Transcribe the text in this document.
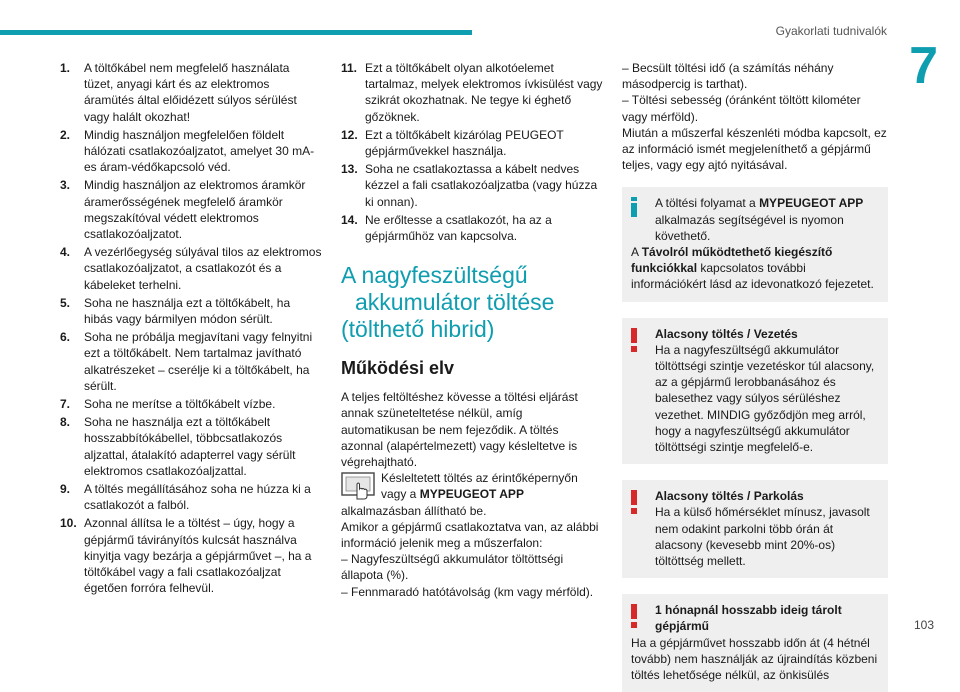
Gyakorlati tudnivalók
7
1. A töltőkábel nem megfelelő használata tüzet, anyagi kárt és az elektromos áramütés által előidézett súlyos sérülést vagy halált okozhat!
2. Mindig használjon megfelelően földelt hálózati csatlakozóaljzatot, amelyet 30 mA-es áram-védőkapcsoló véd.
3. Mindig használjon az elektromos áramkör áramerősségének megfelelő áramkör megszakítóval védett elektromos csatlakozóaljzatot.
4. A vezérlőegység súlyával tilos az elektromos csatlakozóaljzatot, a csatlakozót és a kábeleket terhelni.
5. Soha ne használja ezt a töltőkábelt, ha hibás vagy bármilyen módon sérült.
6. Soha ne próbálja megjavítani vagy felnyitni ezt a töltőkábelt. Nem tartalmaz javítható alkatrészeket – cserélje ki a töltőkábelt, ha sérült.
7. Soha ne merítse a töltőkábelt vízbe.
8. Soha ne használja ezt a töltőkábelt hosszabbítókábellel, többcsatlakozós aljzattal, átalakító adapterrel vagy sérült elektromos csatlakozóaljzattal.
9. A töltés megállításához soha ne húzza ki a csatlakozót a falból.
10. Azonnal állítsa le a töltést – úgy, hogy a gépjármű távirányítós kulcsát használva kinyitja vagy bezárja a gépjárművet –, ha a töltőkábel vagy a fali csatlakozóaljzat égetően forróra felhevül.
11. Ezt a töltőkábelt olyan alkotóelemet tartalmaz, melyek elektromos ívkisülést vagy szikrát okozhatnak. Ne tegye ki éghető gőzöknek.
12. Ezt a töltőkábelt kizárólag PEUGEOT gépjárművekkel használja.
13. Soha ne csatlakoztassa a kábelt nedves kézzel a fali csatlakozóaljzatba (vagy húzza ki onnan).
14. Ne erőltesse a csatlakozót, ha az a gépjárműhöz van kapcsolva.
A nagyfeszültségű
akkumulátor töltése
(tölthető hibrid)
Működési elv

A teljes feltöltéshez kövesse a töltési eljárást annak szüneteltetése nélkül, amíg automatikusan be nem fejeződik. A töltés azonnal (alapértelmezett) vagy késleltetve is végrehajtható.

Késleltetett töltés az érintőképernyőn vagy a MYPEUGEOT APP alkalmazásban állítható be.

Amikor a gépjármű csatlakoztatva van, az alábbi információ jelenik meg a műszerfalon:

– Nagyfeszültségű akkumulátor töltöttségi állapota (%).

– Fennmaradó hatótávolság (km vagy mérföld).

– Becsült töltési idő (a számítás néhány másodpercig is tarthat).

– Töltési sebesség (óránként töltött kilométer vagy mérföld).

Miután a műszerfal készenléti módba kapcsolt, ez az információ ismét megjeleníthető a gépjármű teljes, vagy egy ajtó nyitásával.

A töltési folyamat a MYPEUGEOT APP alkalmazás segítségével is nyomon követhető.

A Távolról működtethető kiegészítő funkciókkal kapcsolatos további információkért lásd az idevonatkozó fejezetet.

Alacsony töltés / Vezetés

Ha a nagyfeszültségű akkumulátor töltöttségi szintje vezetéskor túl alacsony, az a gépjármű lerobbanásához és balesethez vagy súlyos sérüléshez vezethet. MINDIG győződjön meg arról, hogy a nagyfeszültségű akkumulátor töltöttségi szintje megfelelő-e.

Alacsony töltés / Parkolás

Ha a külső hőmérséklet mínusz, javasolt nem odakint parkolni több órán át alacsony (kevesebb mint 20%-os) töltöttség mellett.

1 hónapnál hosszabb ideig tárolt

gépjármű

Ha a gépjárművet hosszabb időn át (4 hétnél tovább) nem használják az újraindítás közbeni töltés lehetősége nélkül, az önkisülés

103
